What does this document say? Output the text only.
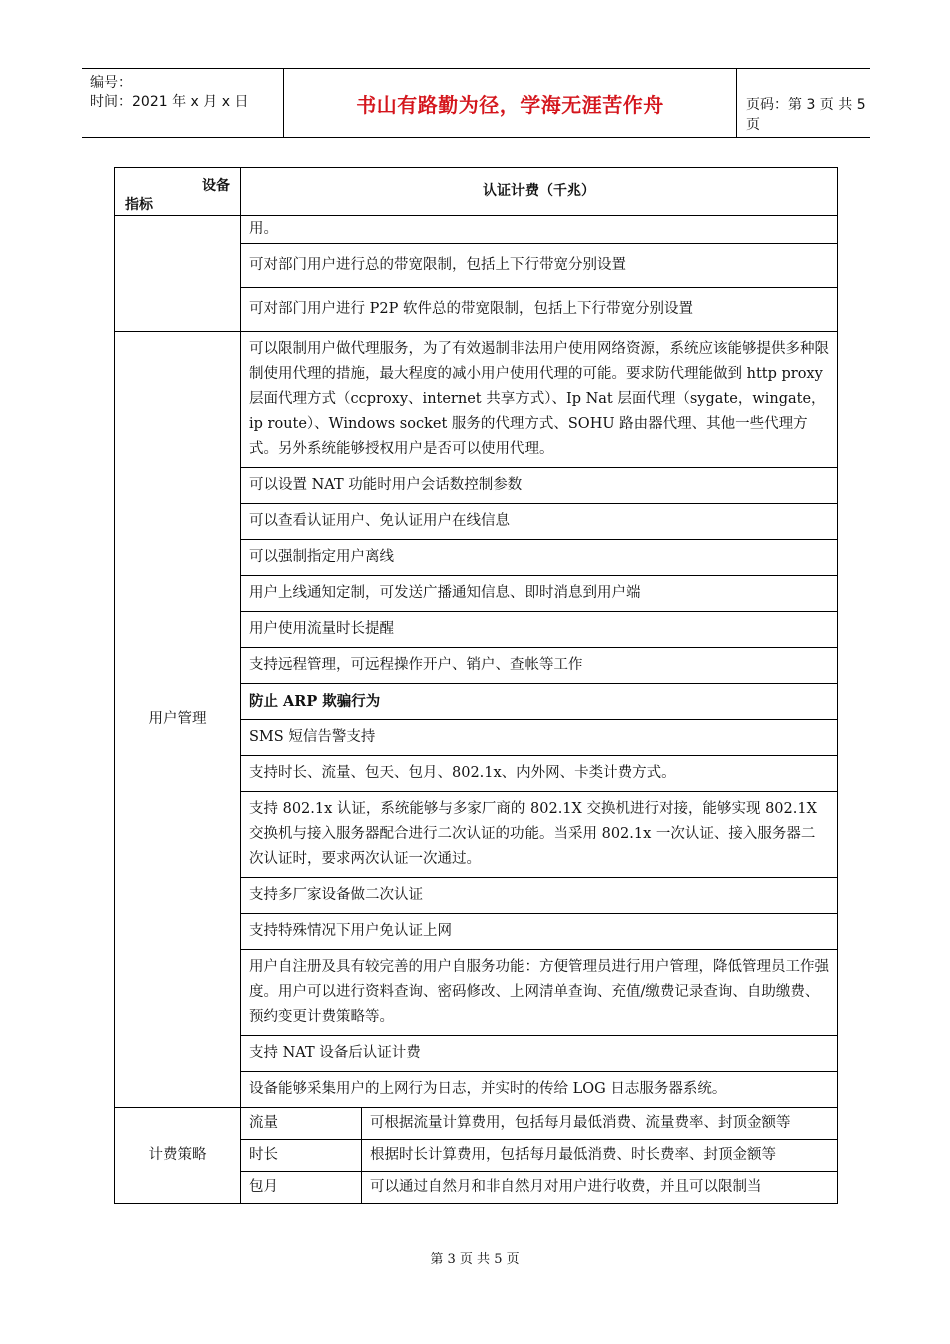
编号：
时间：2021 年 x 月 x 日	书山有路勤为径，学海无涯苦作舟	页码：第 3 页 共 5 页
设备
指标	认证计费（千兆）	
	用。	
	可对部门用户进行总的带宽限制，包括上下行带宽分别设置	
	可对部门用户进行 P2P 软件总的带宽限制，包括上下行带宽分别设置	
用户管理	可以限制用户做代理服务，为了有效遏制非法用户使用网络资源，系统应该能够提供多种限制使用代理的措施，最大程度的减小用户使用代理的可能。要求防代理能做到 http proxy 层面代理方式（ccproxy、internet 共享方式）、Ip Nat 层面代理（sygate，wingate，ip route）、Windows socket 服务的代理方式、SOHU 路由器代理、其他一些代理方式。另外系统能够授权用户是否可以使用代理。	
	可以设置 NAT 功能时用户会话数控制参数	
	可以查看认证用户、免认证用户在线信息	
	可以强制指定用户离线	
	用户上线通知定制，可发送广播通知信息、即时消息到用户端	
	用户使用流量时长提醒	
	支持远程管理，可远程操作开户、销户、查帐等工作	
	防止 ARP 欺骗行为	
	SMS 短信告警支持	
	支持时长、流量、包天、包月、802.1x、内外网、卡类计费方式。	
	支持 802.1x 认证，系统能够与多家厂商的 802.1X 交换机进行对接，能够实现 802.1X 交换机与接入服务器配合进行二次认证的功能。当采用 802.1x 一次认证、接入服务器二次认证时，要求两次认证一次通过。	
	支持多厂家设备做二次认证	
	支持特殊情况下用户免认证上网	
	用户自注册及具有较完善的用户自服务功能：方便管理员进行用户管理，降低管理员工作强度。用户可以进行资料查询、密码修改、上网清单查询、充值/缴费记录查询、自助缴费、预约变更计费策略等。	
	支持 NAT 设备后认证计费	
	设备能够采集用户的上网行为日志，并实时的传给 LOG 日志服务器系统。	
计费策略	流量	可根据流量计算费用，包括每月最低消费、流量费率、封顶金额等
	时长	根据时长计算费用，包括每月最低消费、时长费率、封顶金额等
	包月	可以通过自然月和非自然月对用户进行收费，并且可以限制当
第 3 页 共 5 页
